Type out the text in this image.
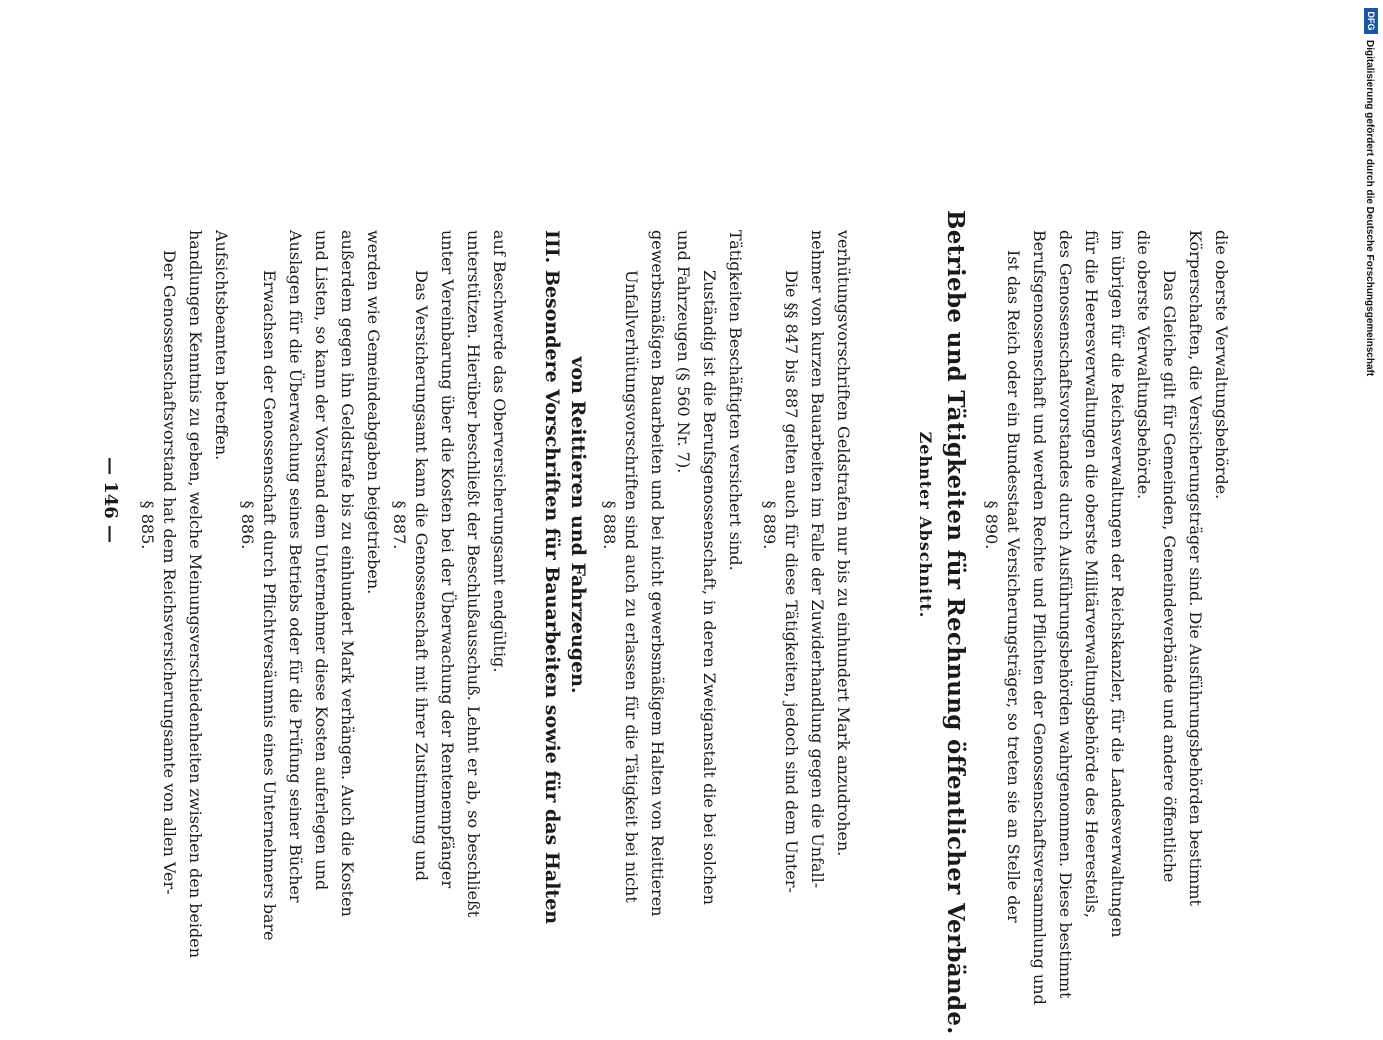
DFG
Digitalisierung gefördert durch die Deutsche Forschungsgemeinschaft
— 146 — § 885. Der Genossenschaftsvorstand hat dem Reichsversicherungsamte von allen Ver- handlungen Kenntnis zu geben, welche Meinungsverschiedenheiten zwischen den beiden Aufsichtsbeamten betreffen.
§ 886. Erwachsen der Genossenschaft durch Pflichtversäumnis eines Unternehmers bare Auslagen für die Überwachung seines Betriebs oder für die Prüfung seiner Bücher und Listen, so kann der Vorstand dem Unternehmer diese Kosten auferlegen und außerdem gegen ihn Geldstrafe bis zu einhundert Mark verhängen. Auch die Kosten werden wie Gemeindeabgaben beigetrieben. § 887. Das Versicherungsamt kann die Genossenschaft mit ihrer Zustimmung und unter Vereinbarung über die Kosten bei der Überwachung der Rentenempfänger unterstützen. Hierüber beschließt der Beschlußausschuß. Lehnt er ab, so beschließt auf Beschwerde das Oberversicherungsamt endgültig. III. Besondere Vorschriften für Bauarbeiten sowie für das Halten von Reittieren und Fahrzeugen. § 888. Unfallverhütungsvorschriften sind auch zu erlassen für die Tätigkeit bei nicht gewerbsmäßigen Bauarbeiten und bei nicht gewerbsmäßigem Halten von Reittieren und Fahrzeugen (§ 560 Nr. 7). Zuständig ist die Berufsgenossenschaft, in deren Zweiganstalt die bei solchen Tätigkeiten Beschäftigten versichert sind. § 889. Die §§ 847 bis 887 gelten auch für diese Tätigkeiten, jedoch sind dem Unter- nehmer von kurzen Bauarbeiten im Falle der Zuwiderhandlung gegen die Unfall- verhütungsvorschriften Geldstrafen nur bis zu einhundert Mark anzudrohen.	Zehnter Abschnitt. Betriebe und Tätigkeiten für Rechnung öffentlicher Verbände. § 890. Ist das Reich oder ein Bundesstaat Versicherungsträger, so treten sie an Stelle der Berufsgenossenschaft und werden Rechte und Pflichten der Genossenschaftsversammlung und des Genossenschaftsvorstandes durch Ausführungsbehörden wahrgenommen. Diese bestimmt für die Heeresverwaltungen die oberste Militärverwaltungsbehörde des Heeresteils, im übrigen für die Reichsverwaltungen der Reichskanzler, für die Landesverwaltungen die oberste Verwaltungsbehörde. Das Gleiche gilt für Gemeinden, Gemeindeverbände und andere öffentliche Körperschaften, die Versicherungsträger sind. Die Ausführungsbehörden bestimmt die oberste Verwaltungsbehörde.
